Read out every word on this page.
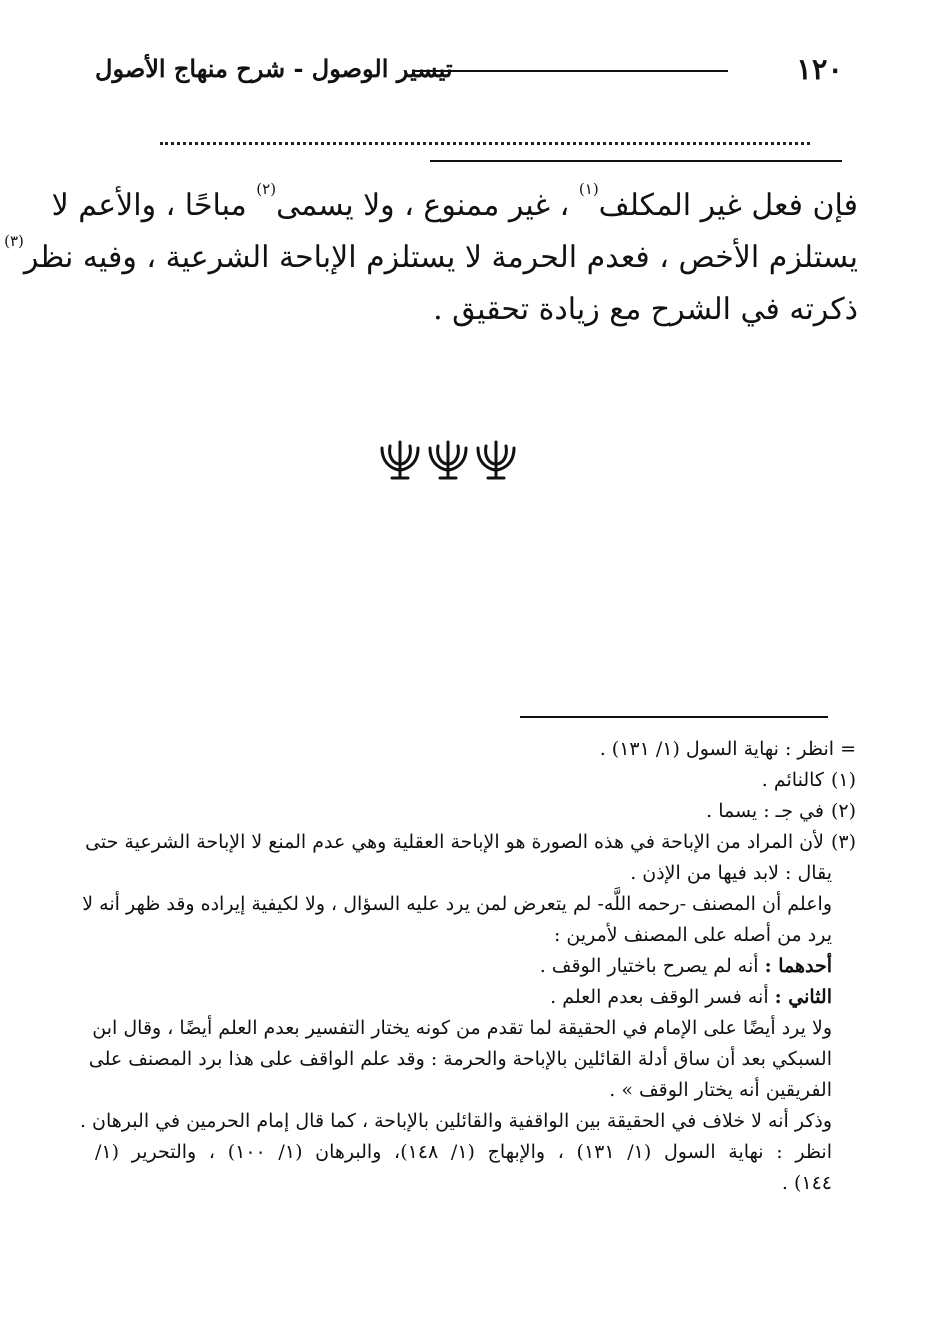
١٢٠
تيسير الوصول - شرح منهاج الأصول
فإن فعل غير المكلف$^{(١)}$ ، غير ممنوع ، ولا يسمى$^{(٢)}$ مباحًا ، والأعم لا
يستلزم الأخص ، فعدم الحرمة لا يستلزم الإباحة الشرعية ، وفيه نظر$^{(٣)}$
ذكرته في الشرح مع زيادة تحقيق .
= انظر : نهاية السول (١/ ١٣١) .
(١) كالنائم .
(٢) في جـ : يسما .
(٣) لأن المراد من الإباحة في هذه الصورة هو الإباحة العقلية وهي عدم المنع لا الإباحة الشرعية حتى
يقال : لابد فيها من الإذن .
واعلم أن المصنف -رحمه اللَّه- لم يتعرض لمن يرد عليه السؤال ، ولا لكيفية إيراده وقد ظهر أنه لا
يرد من أصله على المصنف لأمرين :
أحدهما : أنه لم يصرح باختيار الوقف .
الثاني : أنه فسر الوقف بعدم العلم .
ولا يرد أيضًا على الإمام في الحقيقة لما تقدم من كونه يختار التفسير بعدم العلم أيضًا ، وقال ابن
السبكي بعد أن ساق أدلة القائلين بالإباحة والحرمة : وقد علم الواقف على هذا برد المصنف على
الفريقين أنه يختار الوقف » .
وذكر أنه لا خلاف في الحقيقة بين الواقفية والقائلين بالإباحة ، كما قال إمام الحرمين في البرهان .
انظر : نهاية السول (١/ ١٣١) ، والإبهاج (١/ ١٤٨)، والبرهان (١/ ١٠٠) ، والتحرير (١/
١٤٤) .
